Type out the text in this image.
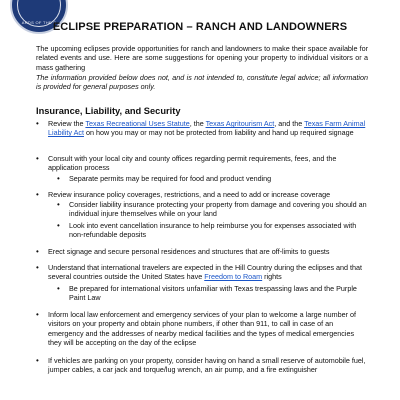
ARDS OF THE S
ECLIPSE PREPARATION – RANCH AND LANDOWNERS
The upcoming eclipses provide opportunities for ranch and landowners to make their space available for related events and use. Here are some suggestions for opening your property to individual visitors or a mass gathering
The information provided below does not, and is not intended to, constitute legal advice; all information is provided for general purposes only.
Insurance, Liability, and Security
• Review the Texas Recreational Uses Statute, the Texas Agritourism Act, and the Texas Farm Animal Liability Act on how you may or may not be protected from liability and hand up required signage
• Consult with your local city and county offices regarding permit requirements, fees, and the application process
• Separate permits may be required for food and product vending
• Review insurance policy coverages, restrictions, and a need to add or increase coverage
• Consider liability insurance protecting your property from damage and covering you should an individual injure themselves while on your land
• Look into event cancellation insurance to help reimburse you for expenses associated with non-refundable deposits
• Erect signage and secure personal residences and structures that are off-limits to guests
• Understand that international travelers are expected in the Hill Country during the eclipses and that several countries outside the United States have Freedom to Roam rights
• Be prepared for international visitors unfamiliar with Texas trespassing laws and the Purple Paint Law
• Inform local law enforcement and emergency services of your plan to welcome a large number of visitors on your property and obtain phone numbers, if other than 911, to call in case of an emergency and the addresses of nearby medical facilities and the types of medical emergencies they will be accepting on the day of the eclipse
• If vehicles are parking on your property, consider having on hand a small reserve of automobile fuel, jumper cables, a car jack and torque/lug wrench, an air pump, and a fire extinguisher
